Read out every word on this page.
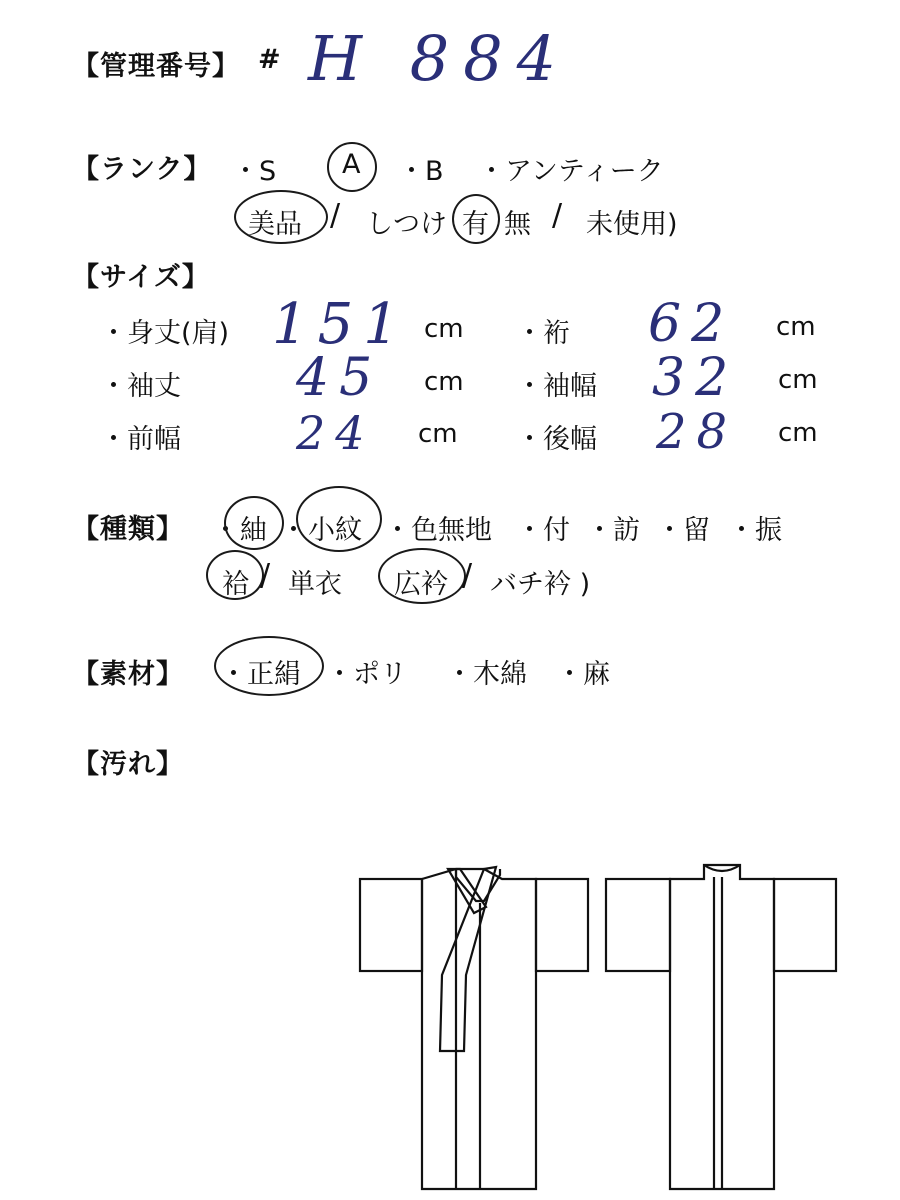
【管理番号】 # H 884
【ランク】 ・S A ・B ・アンティーク
美品 / しつけ 有 無 / 未使用)
【サイズ】
・身丈(肩) 151 cm ・裄 62 cm
・袖丈 45 cm ・袖幅 32 cm
・前幅	24 cm ・後幅 28 cm
【種類】 ・ 紬 ・ 小紋 ・色無地 ・付 ・訪 ・留 ・振
袷 / 単衣 広衿 / バチ衿 )
【素材】 ・正絹 ・ポリ ・木綿 ・麻
【汚れ】
